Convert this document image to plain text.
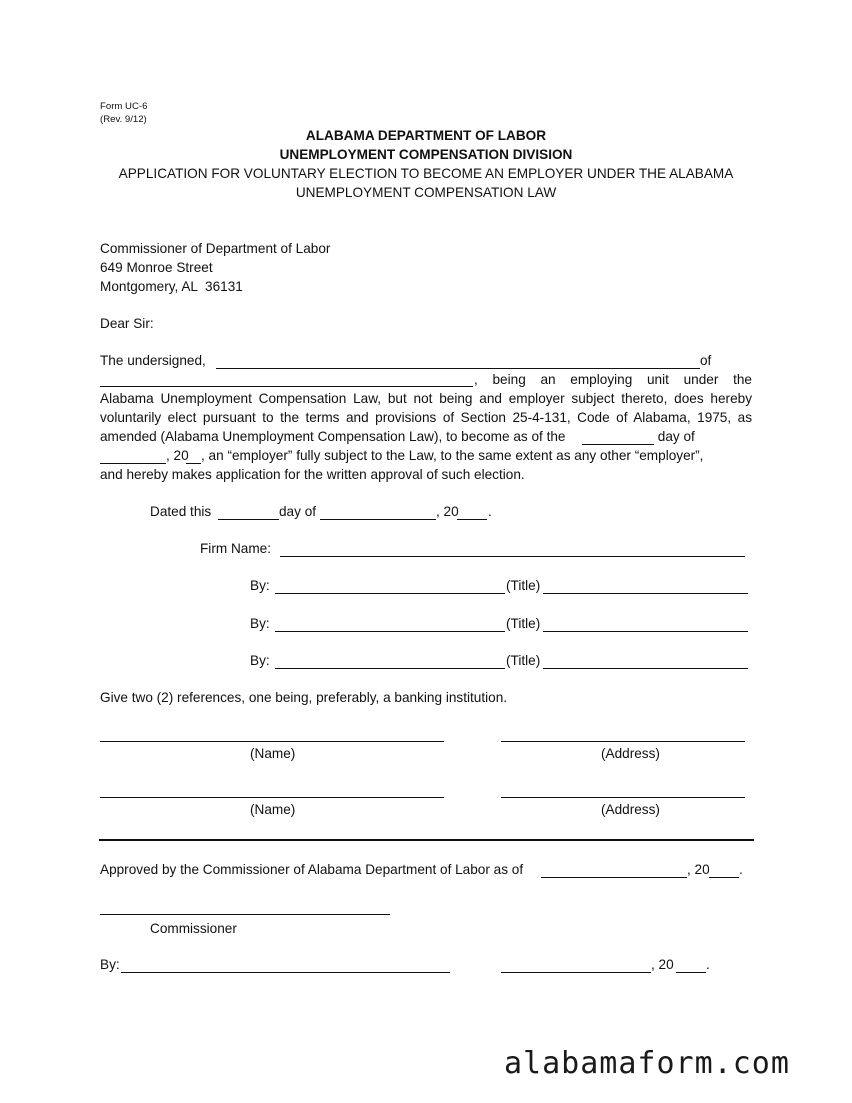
Form UC-6
(Rev. 9/12)
ALABAMA DEPARTMENT OF LABOR
UNEMPLOYMENT COMPENSATION DIVISION
APPLICATION FOR VOLUNTARY ELECTION TO BECOME AN EMPLOYER UNDER THE ALABAMA
UNEMPLOYMENT COMPENSATION LAW
Commissioner of Department of Labor
649 Monroe Street
Montgomery, AL  36131
Dear Sir:
The undersigned,	of
, being an employing unit under the
Alabama Unemployment Compensation Law, but not being and employer subject thereto, does hereby
voluntarily elect pursuant to the terms and provisions of Section 25-4-131, Code of Alabama, 1975, as
amended (Alabama Unemployment Compensation Law), to become as of the	day of
, 20 , an “employer” fully subject to the Law, to the same extent as any other “employer”,
and hereby makes application for the written approval of such election.
Dated this	day of	, 20 .
Firm Name:
By:	(Title)
By:	(Title)
By:	(Title)
Give two (2) references, one being, preferably, a banking institution.
(Name)	(Address)
(Name)	(Address)
Approved by the Commissioner of Alabama Department of Labor as of	, 20 .
Commissioner
By:	, 20 .
alabamaform.com
